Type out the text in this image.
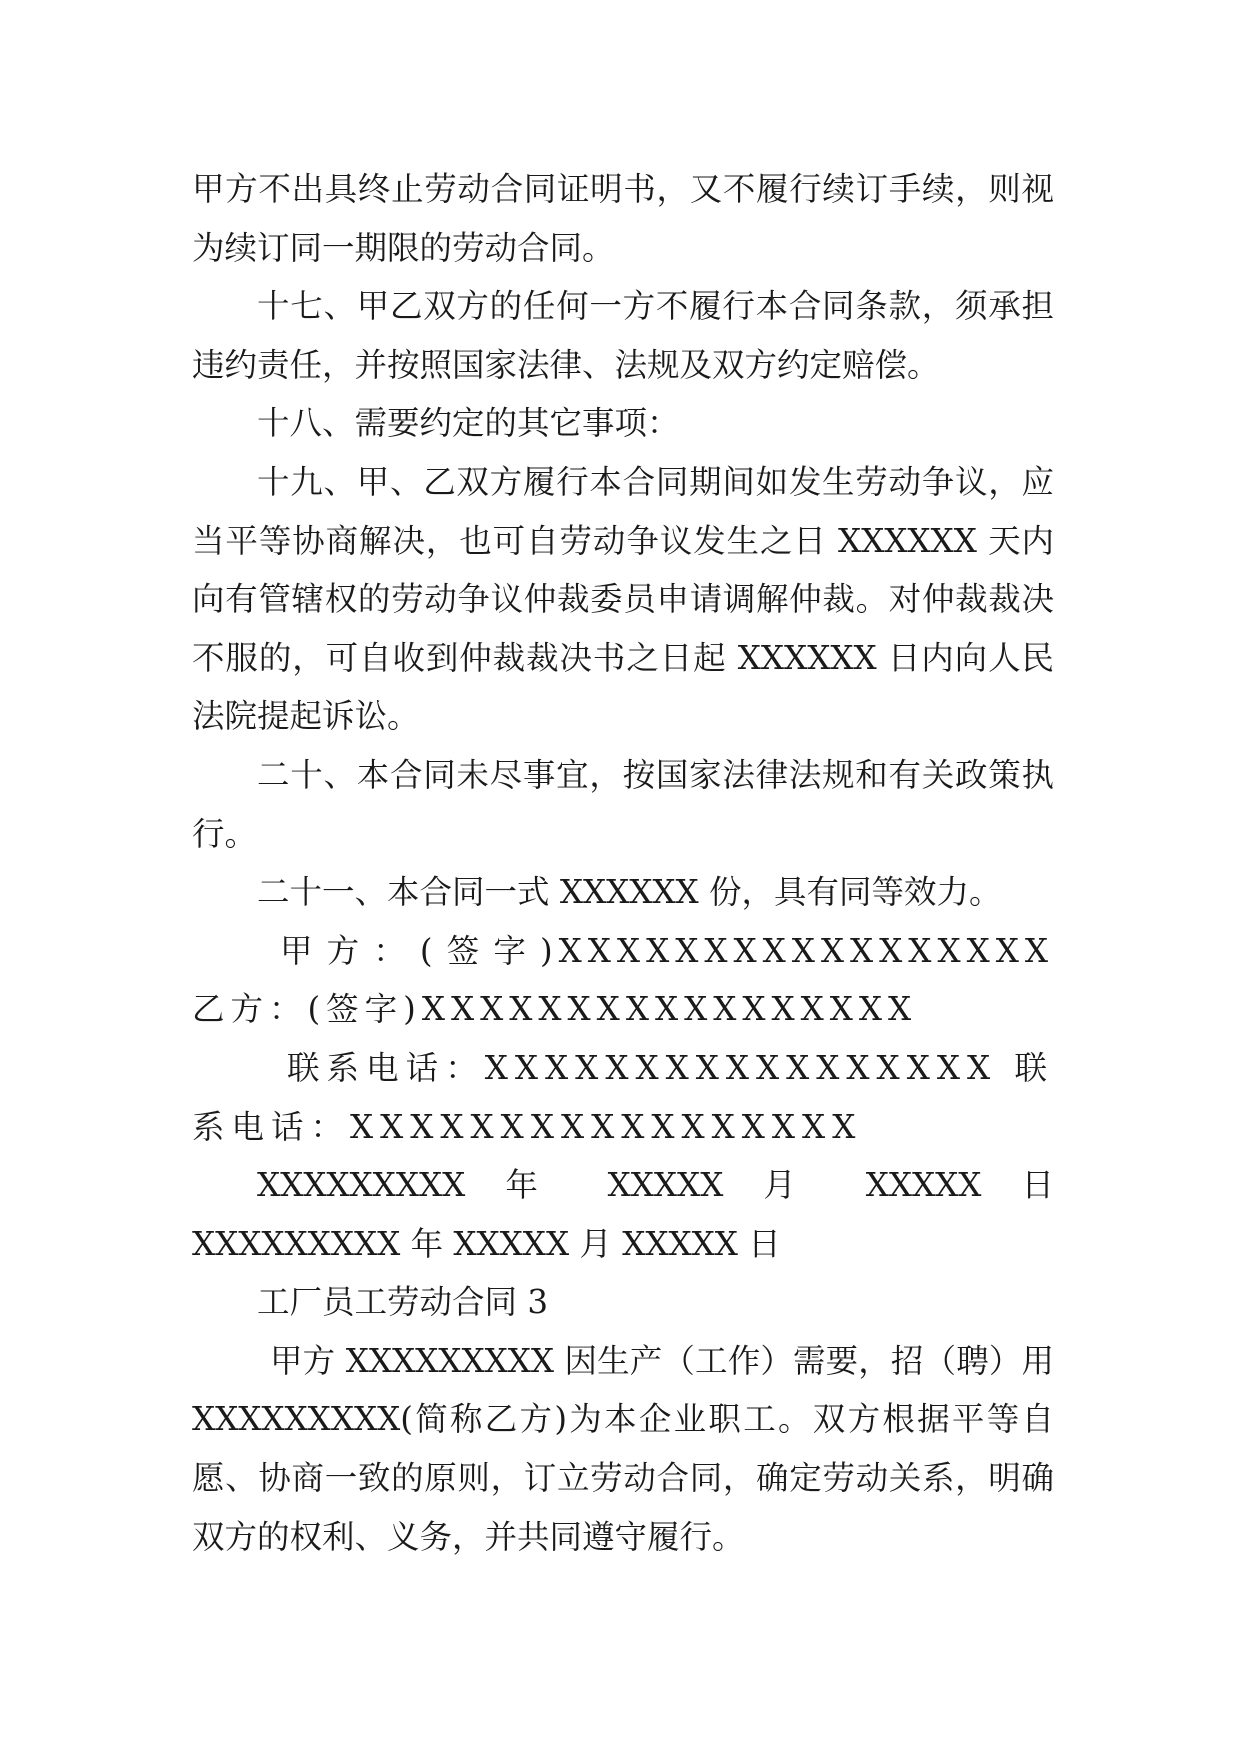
甲方不出具终止劳动合同证明书，又不履行续订手续，则视为续订同一期限的劳动合同。

十七、甲乙双方的任何一方不履行本合同条款，须承担违约责任，并按照国家法律、法规及双方约定赔偿。

十八、需要约定的其它事项：

十九、甲、乙双方履行本合同期间如发生劳动争议，应当平等协商解决，也可自劳动争议发生之日 XXXXXX 天内向有管辖权的劳动争议仲裁委员申请调解仲裁。对仲裁裁决不服的，可自收到仲裁裁决书之日起 XXXXXX 日内向人民法院提起诉讼。

二十、本合同未尽事宜，按国家法律法规和有关政策执行。

二十一、本合同一式 XXXXXX 份，具有同等效力。

甲方：(签字)XXXXXXXXXXXXXXXXX 乙方：(签字)XXXXXXXXXXXXXXXXX

联系电话：XXXXXXXXXXXXXXXXX 联系电话：XXXXXXXXXXXXXXXXX

XXXXXXXXX 年 XXXXX 月 XXXXX 日 XXXXXXXXX 年 XXXXX 月 XXXXX 日

工厂员工劳动合同 3

甲方 XXXXXXXXX 因生产（工作）需要，招（聘）用 XXXXXXXXX(简称乙方)为本企业职工。双方根据平等自愿、协商一致的原则，订立劳动合同，确定劳动关系，明确双方的权利、义务，并共同遵守履行。
